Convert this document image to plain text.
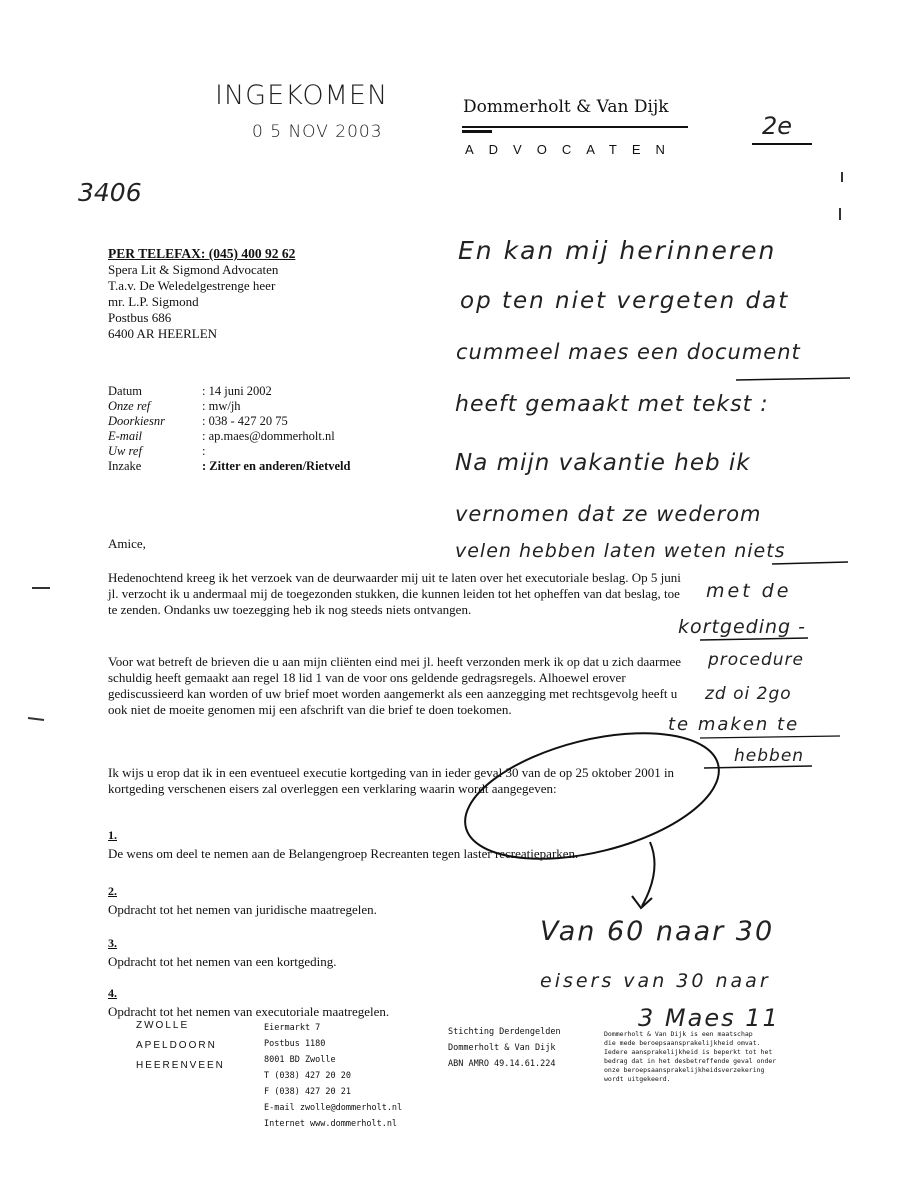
INGEKOMEN
0 5 NOV 2003
3406
Dommerholt & Van Dijk
ADVOCATEN
2e
PER TELEFAX: (045) 400 92 62
Spera Lit & Sigmond Advocaten
T.a.v. De Weledelgestrenge heer
mr. L.P. Sigmond
Postbus 686
6400 AR HEERLEN
Datum	: 14 juni 2002
Onze ref	: mw/jh
Doorkiesnr	: 038 - 427 20 75
E-mail	: ap.maes@dommerholt.nl
Uw ref	:
Inzake	: Zitter en anderen/Rietveld
Amice,
Hedenochtend kreeg ik het verzoek van de deurwaarder mij uit te laten over het executoriale beslag. Op 5 juni jl. verzocht ik u andermaal mij de toegezonden stukken, die kunnen leiden tot het opheffen van dat beslag, toe te zenden. Ondanks uw toezegging heb ik nog steeds niets ontvangen.
Voor wat betreft de brieven die u aan mijn cliënten eind mei jl. heeft verzonden merk ik op dat u zich daarmee schuldig heeft gemaakt aan regel 18 lid 1 van de voor ons geldende gedragsregels. Alhoewel erover gediscussieerd kan worden of uw brief moet worden aangemerkt als een aanzegging met rechtsgevolg heeft u ook niet de moeite genomen mij een afschrift van die brief te doen toekomen.
Ik wijs u erop dat ik in een eventueel executie kortgeding van in ieder geval 30 van de op 25 oktober 2001 in kortgeding verschenen eisers zal overleggen een verklaring waarin wordt aangegeven:
1.
De wens om deel te nemen aan de Belangengroep Recreanten tegen laster recreatieparken.
2.
Opdracht tot het nemen van juridische maatregelen.
3.
Opdracht tot het nemen van een kortgeding.
4.
Opdracht tot het nemen van executoriale maatregelen.
En kan mij herinneren
op ten niet vergeten dat
cummeel maes een document
heeft gemaakt met tekst :
Na mijn vakantie heb ik
vernomen dat ze wederom
velen hebben laten weten niets
met de
kortgeding -
procedure
zd oi 2go
te maken te
hebben
Van 60 naar 30
eisers van 30 naar
3 Maes 11
ZWOLLE
APELDOORN
HEERENVEEN
Eiermarkt 7
Postbus 1180
8001 BD Zwolle
T (038) 427 20 20
F (038) 427 20 21
E-mail zwolle@dommerholt.nl
Internet www.dommerholt.nl
Stichting Derdengelden
Dommerholt & Van Dijk
ABN AMRO 49.14.61.224
Dommerholt & Van Dijk is een maatschap
die mede beroepsaansprakelijkheid omvat.
Iedere aansprakelijkheid is beperkt tot het
bedrag dat in het desbetreffende geval onder
onze beroepsaansprakelijkheidsverzekering
wordt uitgekeerd.
